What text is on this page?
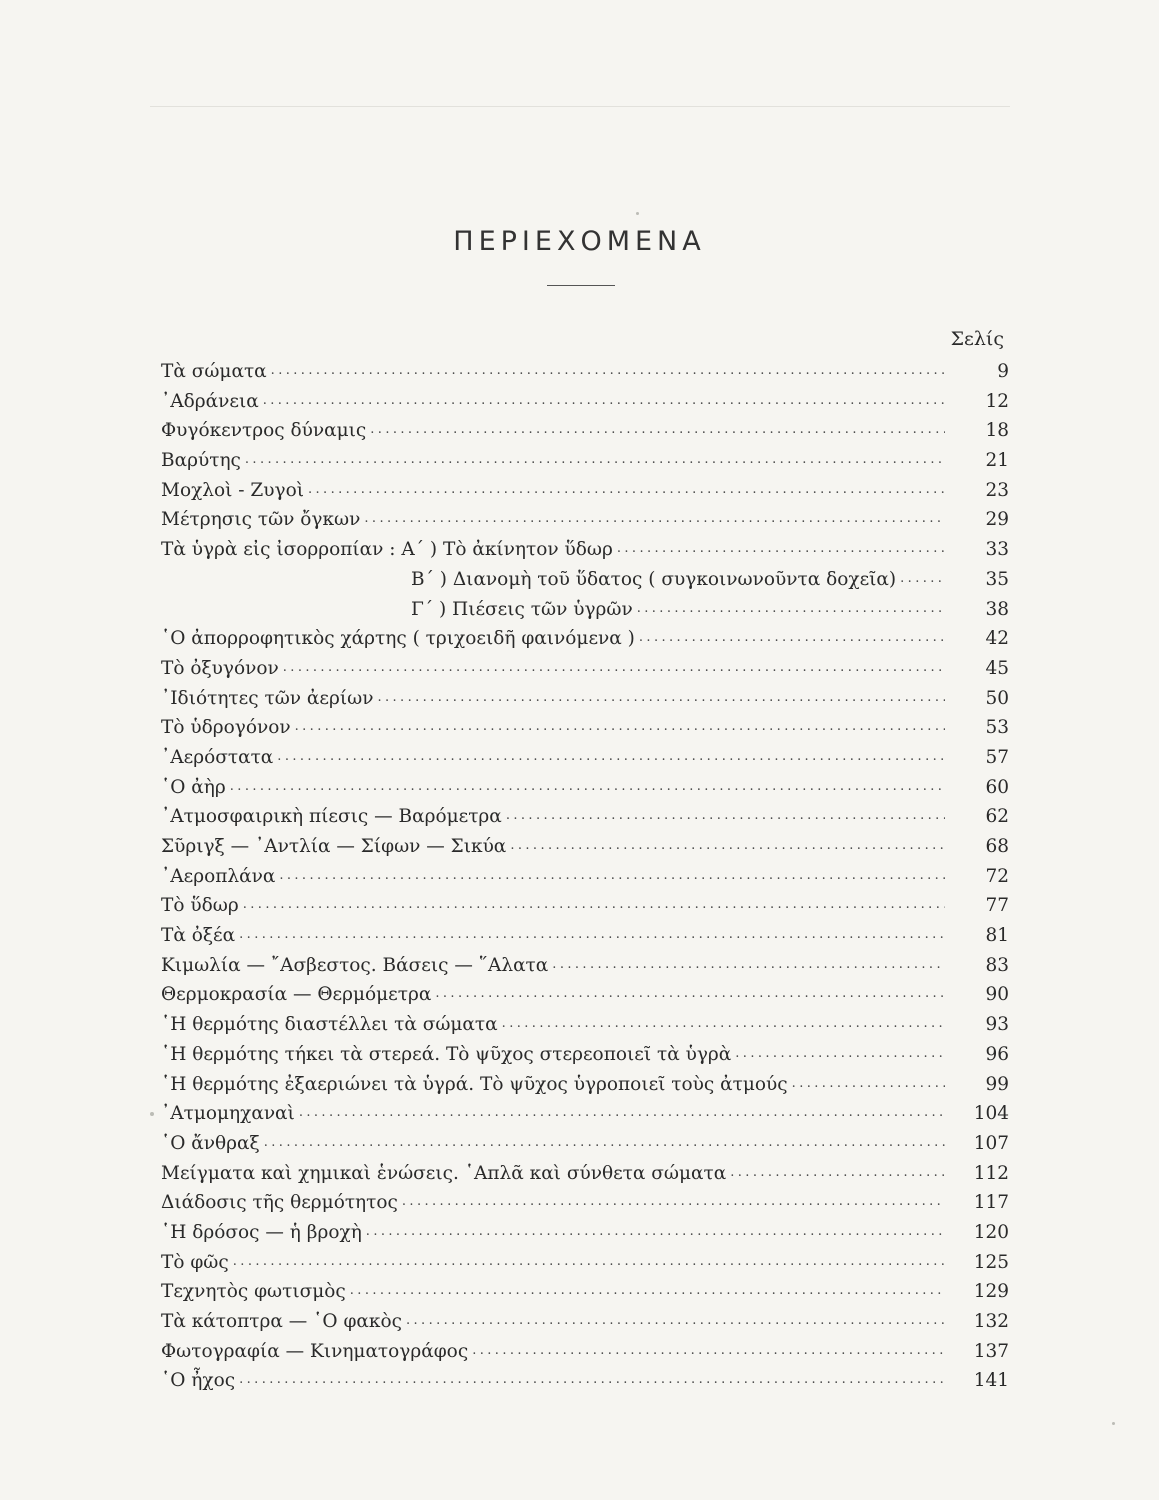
ΠΕΡΙΕΧΟΜΕΝΑ
Σελίς
Τὰ σώματα .....	9
᾿Αδράνεια .....	12
Φυγόκεντρος δύναμις .....	18
Βαρύτης .....	21
Μοχλοὶ - Ζυγοὶ .....	23
Μέτρησις τῶν ὄγκων .....	29
Τὰ ὑγρὰ εἰς ἰσορροπίαν : Α΄ ) Τὸ ἀκίνητον ὕδωρ .....	33
Β΄ ) Διανομὴ τοῦ ὕδατος ( συγκοινωνοῦντα δοχεῖα) .....	35
Γ΄ ) Πιέσεις τῶν ὑγρῶν .....	38
῾Ο ἀπορροφητικὸς χάρτης ( τριχοειδῆ φαινόμενα ) .....	42
Τὸ ὀξυγόνον .....	45
᾿Ιδιότητες τῶν ἀερίων .....	50
Τὸ ὑδρογόνον .....	53
᾿Αερόστατα .....	57
῾Ο ἀὴρ .....	60
᾿Ατμοσφαιρικὴ πίεσις — Βαρόμετρα .....	62
Σῦριγξ — ᾿Αντλία — Σίφων — Σικύα .....	68
᾿Αεροπλάνα .....	72
Τὸ ὕδωρ .....	77
Τὰ ὀξέα .....	81
Κιμωλία — ῎Ασβεστος. Βάσεις — ῞Αλατα .....	83
Θερμοκρασία — Θερμόμετρα .....	90
῾Η θερμότης διαστέλλει τὰ σώματα .....	93
῾Η θερμότης τήκει τὰ στερεά. Τὸ ψῦχος στερεοποιεῖ τὰ ὑγρὰ .....	96
῾Η θερμότης ἐξαεριώνει τὰ ὑγρά. Τὸ ψῦχος ὑγροποιεῖ τοὺς ἀτμούς .....	99
᾿Ατμομηχαναὶ .....	104
῾Ο ἄνθραξ .....	107
Μείγματα καὶ χημικαὶ ἑνώσεις. ῾Απλᾶ καὶ σύνθετα σώματα .....	112
Διάδοσις τῆς θερμότητος .....	117
῾Η δρόσος — ἡ βροχὴ .....	120
Τὸ φῶς .....	125
Τεχνητὸς φωτισμὸς .....	129
Τὰ κάτοπτρα — ῾Ο φακὸς .....	132
Φωτογραφία — Κινηματογράφος .....	137
῾Ο ἦχος .....	141
